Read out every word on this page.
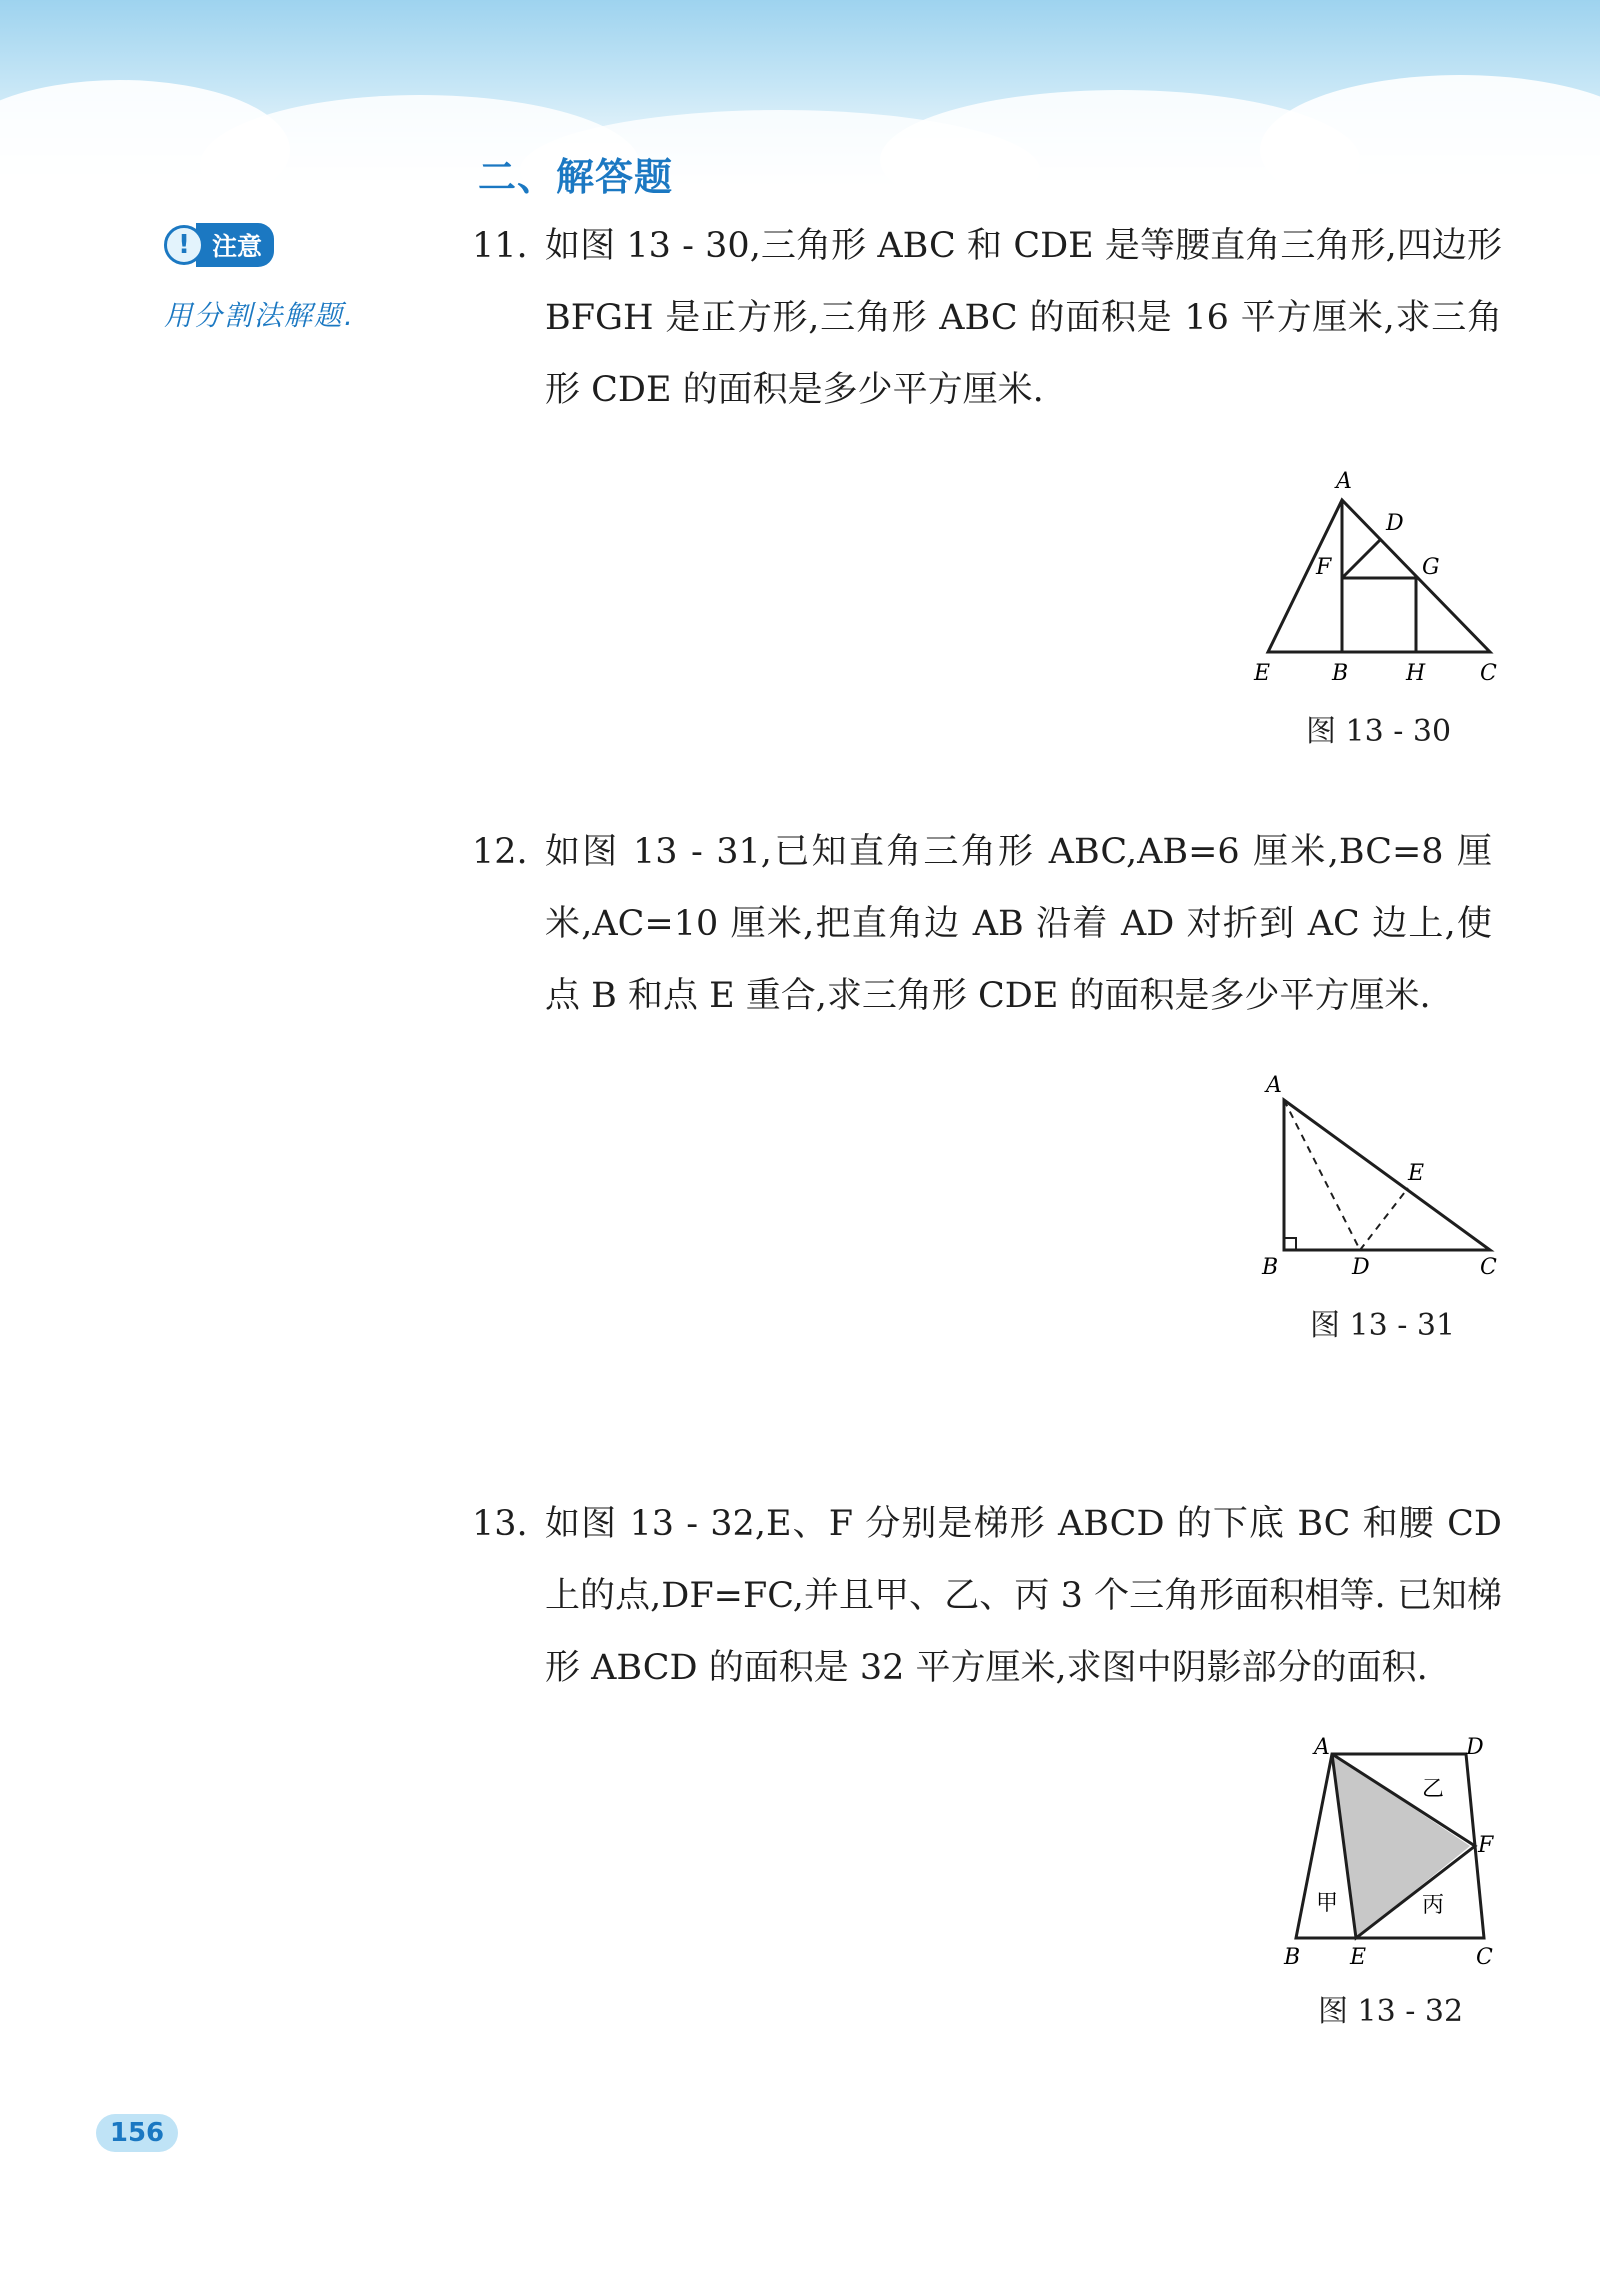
二、解答题
! 注意
用分割法解题.
11. 如图 13 - 30,三角形 ABC 和 CDE 是等腰直角三角形,四边形 BFGH 是正方形,三角形 ABC 的面积是 16 平方厘米,求三角形 CDE 的面积是多少平方厘米.
A
D
F	G
E	B	H C
图 13 - 30
12. 如图 13 - 31,已知直角三角形 ABC,AB=6 厘米,BC=8 厘米,AC=10 厘米,把直角边 AB 沿着 AD 对折到 AC 边上,使点 B 和点 E 重合,求三角形 CDE 的面积是多少平方厘米.
A
E
B	D	C
图 13 - 31
13. 如图 13 - 32,E、F 分别是梯形 ABCD 的下底 BC 和腰 CD 上的点,DF=FC,并且甲、乙、丙 3 个三角形面积相等. 已知梯形 ABCD 的面积是 32 平方厘米,求图中阴影部分的面积.
A	D
F
B E	C
乙
甲	丙
图 13 - 32
156
